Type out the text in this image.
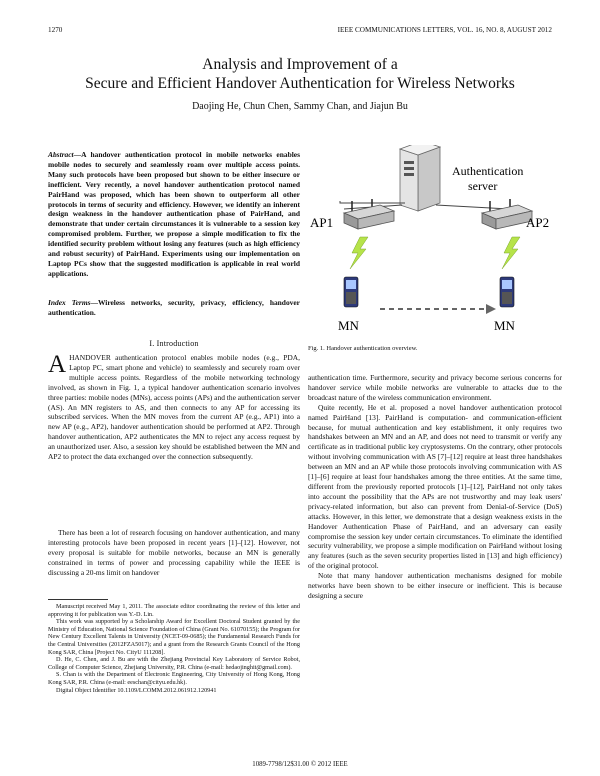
1270	IEEE COMMUNICATIONS LETTERS, VOL. 16, NO. 8, AUGUST 2012
Analysis and Improvement of a
Secure and Efficient Handover Authentication for Wireless Networks
Daojing He, Chun Chen, Sammy Chan, and Jiajun Bu

Abstract—A handover authentication protocol in mobile networks enables mobile nodes to securely and seamlessly roam over multiple access points. Many such protocols have been proposed but shown to be either insecure or inefficient. Very recently, a novel handover authentication protocol named PairHand was proposed, which has been shown to outperform all other protocols in terms of security and efficiency. However, we identify an inherent design weakness in the handover authentication phase of PairHand, and demonstrate that under certain circumstances it is vulnerable to a session key compromised problem. Further, we propose a simple modification to fix the identified security problem without losing any features (such as high efficiency and robust security) of PairHand. Experiments using our implementation on Laptop PCs show that the suggested modification is applicable in real world applications.

Index Terms—Wireless networks, security, privacy, efficiency, handover authentication.

I. Introduction
AHANDOVER authentication protocol enables mobile nodes (e.g., PDA, Laptop PC, smart phone and vehicle) to seamlessly and securely roam over multiple access points. Regardless of the mobile networking technology involved, as shown in Fig. 1, a typical handover authentication scenario involves three parties: mobile nodes (MNs), access points (APs) and the authentication server (AS). An MN registers to AS, and then connects to any AP for accessing its subscribed services. When the MN moves from the current AP (e.g., AP1) into a new AP (e.g., AP2), handover authentication should be performed at AP2. Through handover authentication, AP2 authenticates the MN to reject any access request by an unauthorized user. Also, a session key should be established between the MN and AP2 to protect the data exchanged over the connection subsequently.
There has been a lot of research focusing on handover authentication, and many interesting protocols have been proposed in recent years [1]–[12]. However, not every proposal is suitable for mobile networks, because an MN is generally constrained in terms of power and processing capability while the IEEE is discussing a 20-ms limit on handover

Manuscript received May 1, 2011. The associate editor coordinating the review of this letter and approving it for publication was Y.-D. Lin.

This work was supported by a Scholarship Award for Excellent Doctoral Student granted by the Ministry of Education, National Science Foundation of China (Grant No. 61070155); the Program for New Century Excellent Talents in University (NCET-09-0685); the Fundamental Research Funds for the Central Universities (2012FZA5017); and a grant from the Research Grants Council of the Hong Kong SAR, China [Project No. CityU 111208].

D. He, C. Chen, and J. Bu are with the Zhejiang Provincial Key Laboratory of Service Robot, College of Computer Science, Zhejiang University, P.R. China (e-mail: hedaojinghit@gmail.com).

S. Chan is with the Department of Electronic Engineering, City University of Hong Kong, Hong Kong SAR, P.R. China (e-mail: eeschan@cityu.edu.hk).

Digital Object Identifier 10.1109/LCOMM.2012.061912.120941

Authentication
server
AP1	AP2
MN	MN
Fig. 1. Handover authentication overview.

authentication time. Furthermore, security and privacy become serious concerns for handover service while mobile networks are vulnerable to attacks due to the broadcast nature of the wireless communication environment.

Quite recently, He et al. proposed a novel handover authentication protocol named PairHand [13]. PairHand is computation- and communication-efficient because, for mutual authentication and key establishment, it only requires two handshakes between an MN and an AP, and does not need to transmit or verify any certificate as in traditional public key cryptosystems. On the contrary, other protocols without involving communication with AS [7]–[12] require at least three handshakes between an MN and an AP while those protocols involving communication with AS [1]–[6] require at least four handshakes among the three entities. At the same time, different from the previously reported protocols [1]–[12], PairHand not only takes into account the possibility that the APs are not trustworthy and may leak users' privacy-related information, but also can prevent from Denial-of-Service (DoS) attacks. However, in this letter, we demonstrate that a design weakness exists in the Handover Authentication Phase of PairHand, and an adversary can easily compromise the session key under certain circumstances. To eliminate the identified security vulnerability, we propose a simple modification on PairHand without losing any features (such as the seven security properties listed in [13] and high efficiency) of the original protocol.

Note that many handover authentication mechanisms designed for mobile networks have been shown to be either insecure or inefficient. This is because designing a secure

1089-7798/12$31.00 © 2012 IEEE
